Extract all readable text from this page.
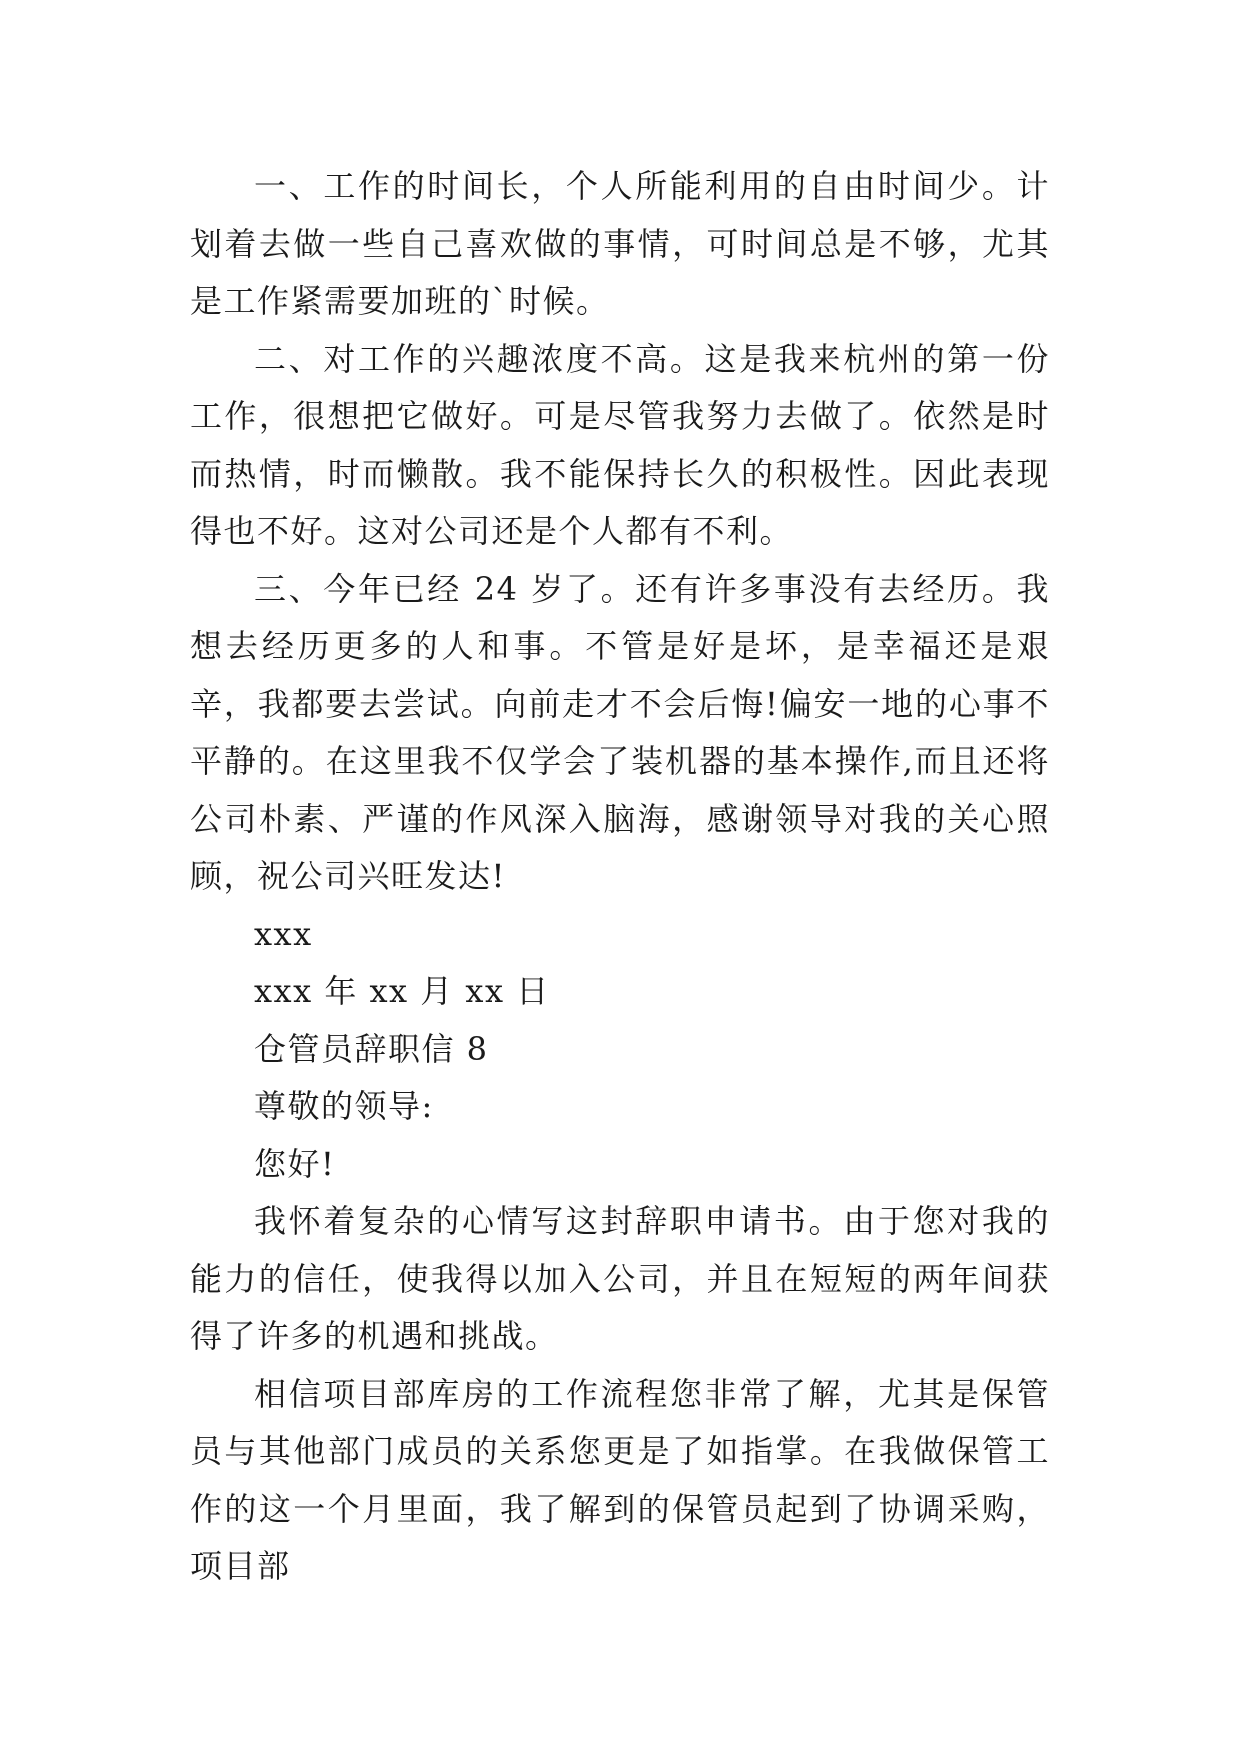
一、工作的时间长，个人所能利用的自由时间少。计划着去做一些自己喜欢做的事情，可时间总是不够，尤其是工作紧需要加班的`时候。

二、对工作的兴趣浓度不高。这是我来杭州的第一份工作，很想把它做好。可是尽管我努力去做了。依然是时而热情，时而懒散。我不能保持长久的积极性。因此表现得也不好。这对公司还是个人都有不利。

三、今年已经 24 岁了。还有许多事没有去经历。我想去经历更多的人和事。不管是好是坏，是幸福还是艰辛，我都要去尝试。向前走才不会后悔!偏安一地的心事不平静的。在这里我不仅学会了装机器的基本操作,而且还将公司朴素、严谨的作风深入脑海，感谢领导对我的关心照顾，祝公司兴旺发达!

xxx

xxx 年 xx 月 xx 日

仓管员辞职信 8

尊敬的领导:

您好!

我怀着复杂的心情写这封辞职申请书。由于您对我的能力的信任，使我得以加入公司，并且在短短的两年间获得了许多的机遇和挑战。

相信项目部库房的工作流程您非常了解，尤其是保管员与其他部门成员的关系您更是了如指掌。在我做保管工作的这一个月里面，我了解到的保管员起到了协调采购，项目部
